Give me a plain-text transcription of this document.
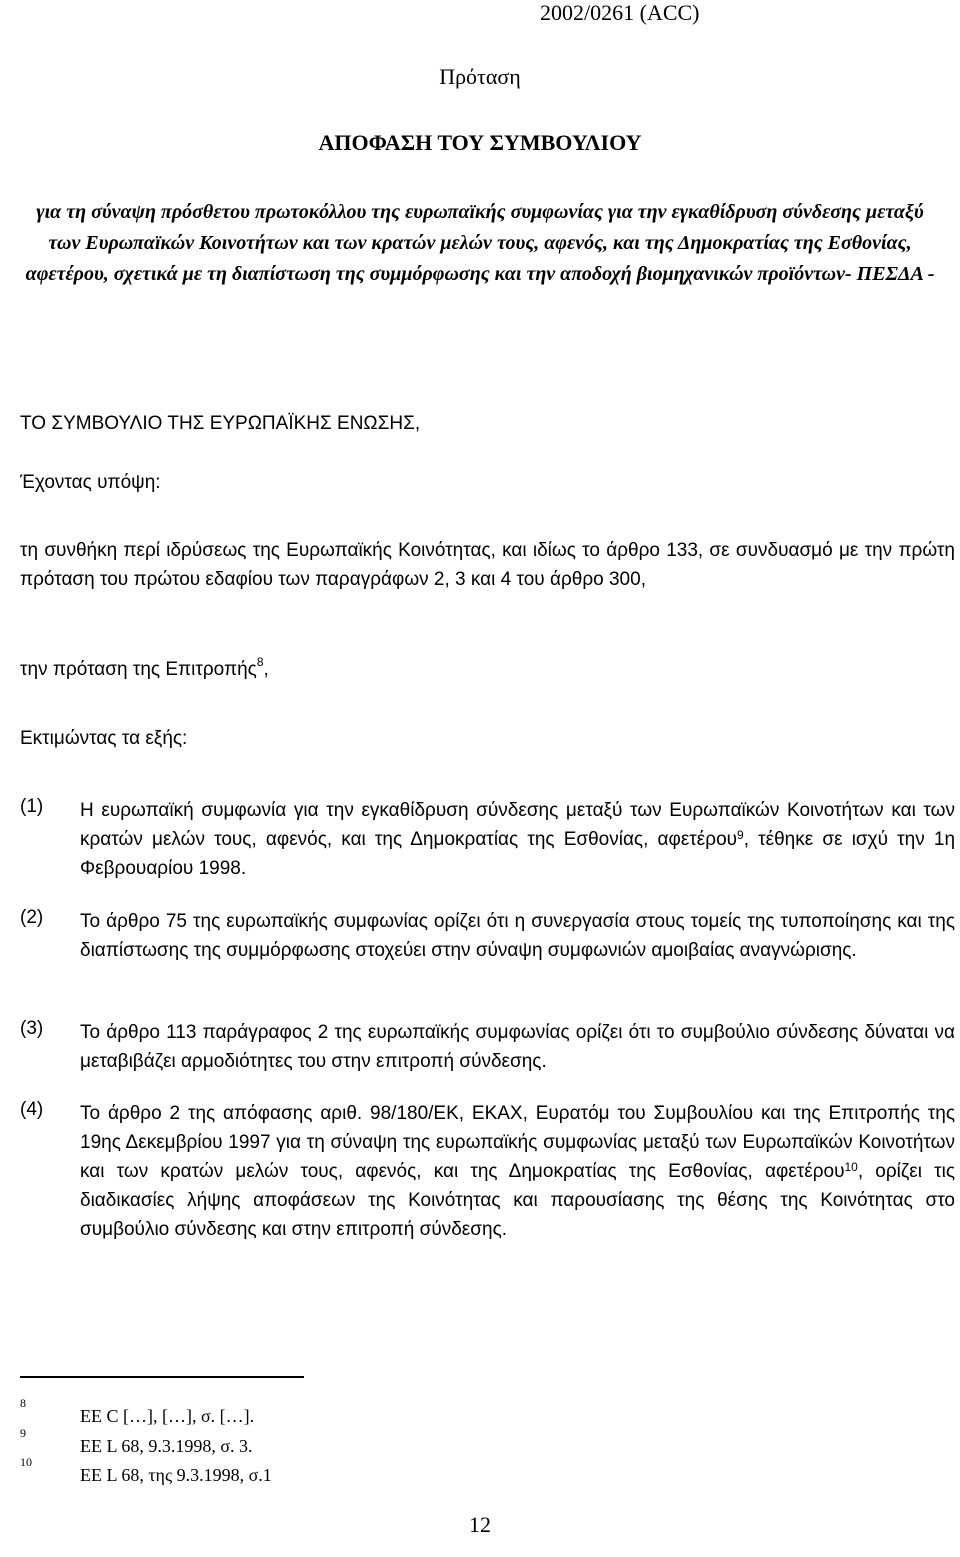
2002/0261 (ACC)
Πρόταση
ΑΠΟΦΑΣΗ ΤΟΥ ΣΥΜΒΟΥΛΙΟΥ
για τη σύναψη πρόσθετου πρωτοκόλλου της ευρωπαϊκής συμφωνίας για την εγκαθίδρυση σύνδεσης μεταξύ των Ευρωπαϊκών Κοινοτήτων και των κρατών μελών τους, αφενός, και της Δημοκρατίας της Εσθονίας, αφετέρου, σχετικά με τη διαπίστωση της συμμόρφωσης και την αποδοχή βιομηχανικών προϊόντων- ΠΕΣΔΑ -
ΤΟ ΣΥΜΒΟΥΛΙΟ ΤΗΣ ΕΥΡΩΠΑΪΚΗΣ ΕΝΩΣΗΣ,
Έχοντας υπόψη:
τη συνθήκη περί ιδρύσεως της Ευρωπαϊκής Κοινότητας, και ιδίως το άρθρο 133, σε συνδυασμό με την πρώτη πρόταση του πρώτου εδαφίου των παραγράφων 2, 3 και 4 του άρθρο 300,
την πρόταση της Επιτροπής$^8$,
Εκτιμώντας τα εξής:
(1) Η ευρωπαϊκή συμφωνία για την εγκαθίδρυση σύνδεσης μεταξύ των Ευρωπαϊκών Κοινοτήτων και των κρατών μελών τους, αφενός, και της Δημοκρατίας της Εσθονίας, αφετέρου$^9$, τέθηκε σε ισχύ την 1η Φεβρουαρίου 1998.
(2) Το άρθρο 75 της ευρωπαϊκής συμφωνίας ορίζει ότι η συνεργασία στους τομείς της τυποποίησης και της διαπίστωσης της συμμόρφωσης στοχεύει στην σύναψη συμφωνιών αμοιβαίας αναγνώρισης.
(3) Το άρθρο 113 παράγραφος 2 της ευρωπαϊκής συμφωνίας ορίζει ότι το συμβούλιο σύνδεσης δύναται να μεταβιβάζει αρμοδιότητες του στην επιτροπή σύνδεσης.
(4) Το άρθρο 2 της απόφασης αριθ. 98/180/ΕΚ, ΕΚΑΧ, Ευρατόμ του Συμβουλίου και της Επιτροπής της 19ης Δεκεμβρίου 1997 για τη σύναψη της ευρωπαϊκής συμφωνίας μεταξύ των Ευρωπαϊκών Κοινοτήτων και των κρατών μελών τους, αφενός, και της Δημοκρατίας της Εσθονίας, αφετέρου$^{10}$, ορίζει τις διαδικασίες λήψης αποφάσεων της Κοινότητας και παρουσίασης της θέσης της Κοινότητας στο συμβούλιο σύνδεσης και στην επιτροπή σύνδεσης.
8
ΕΕ C […], […], σ. […].
9
ΕΕ L 68, 9.3.1998, σ. 3.
10
ΕΕ L 68, της 9.3.1998, σ.1
12
